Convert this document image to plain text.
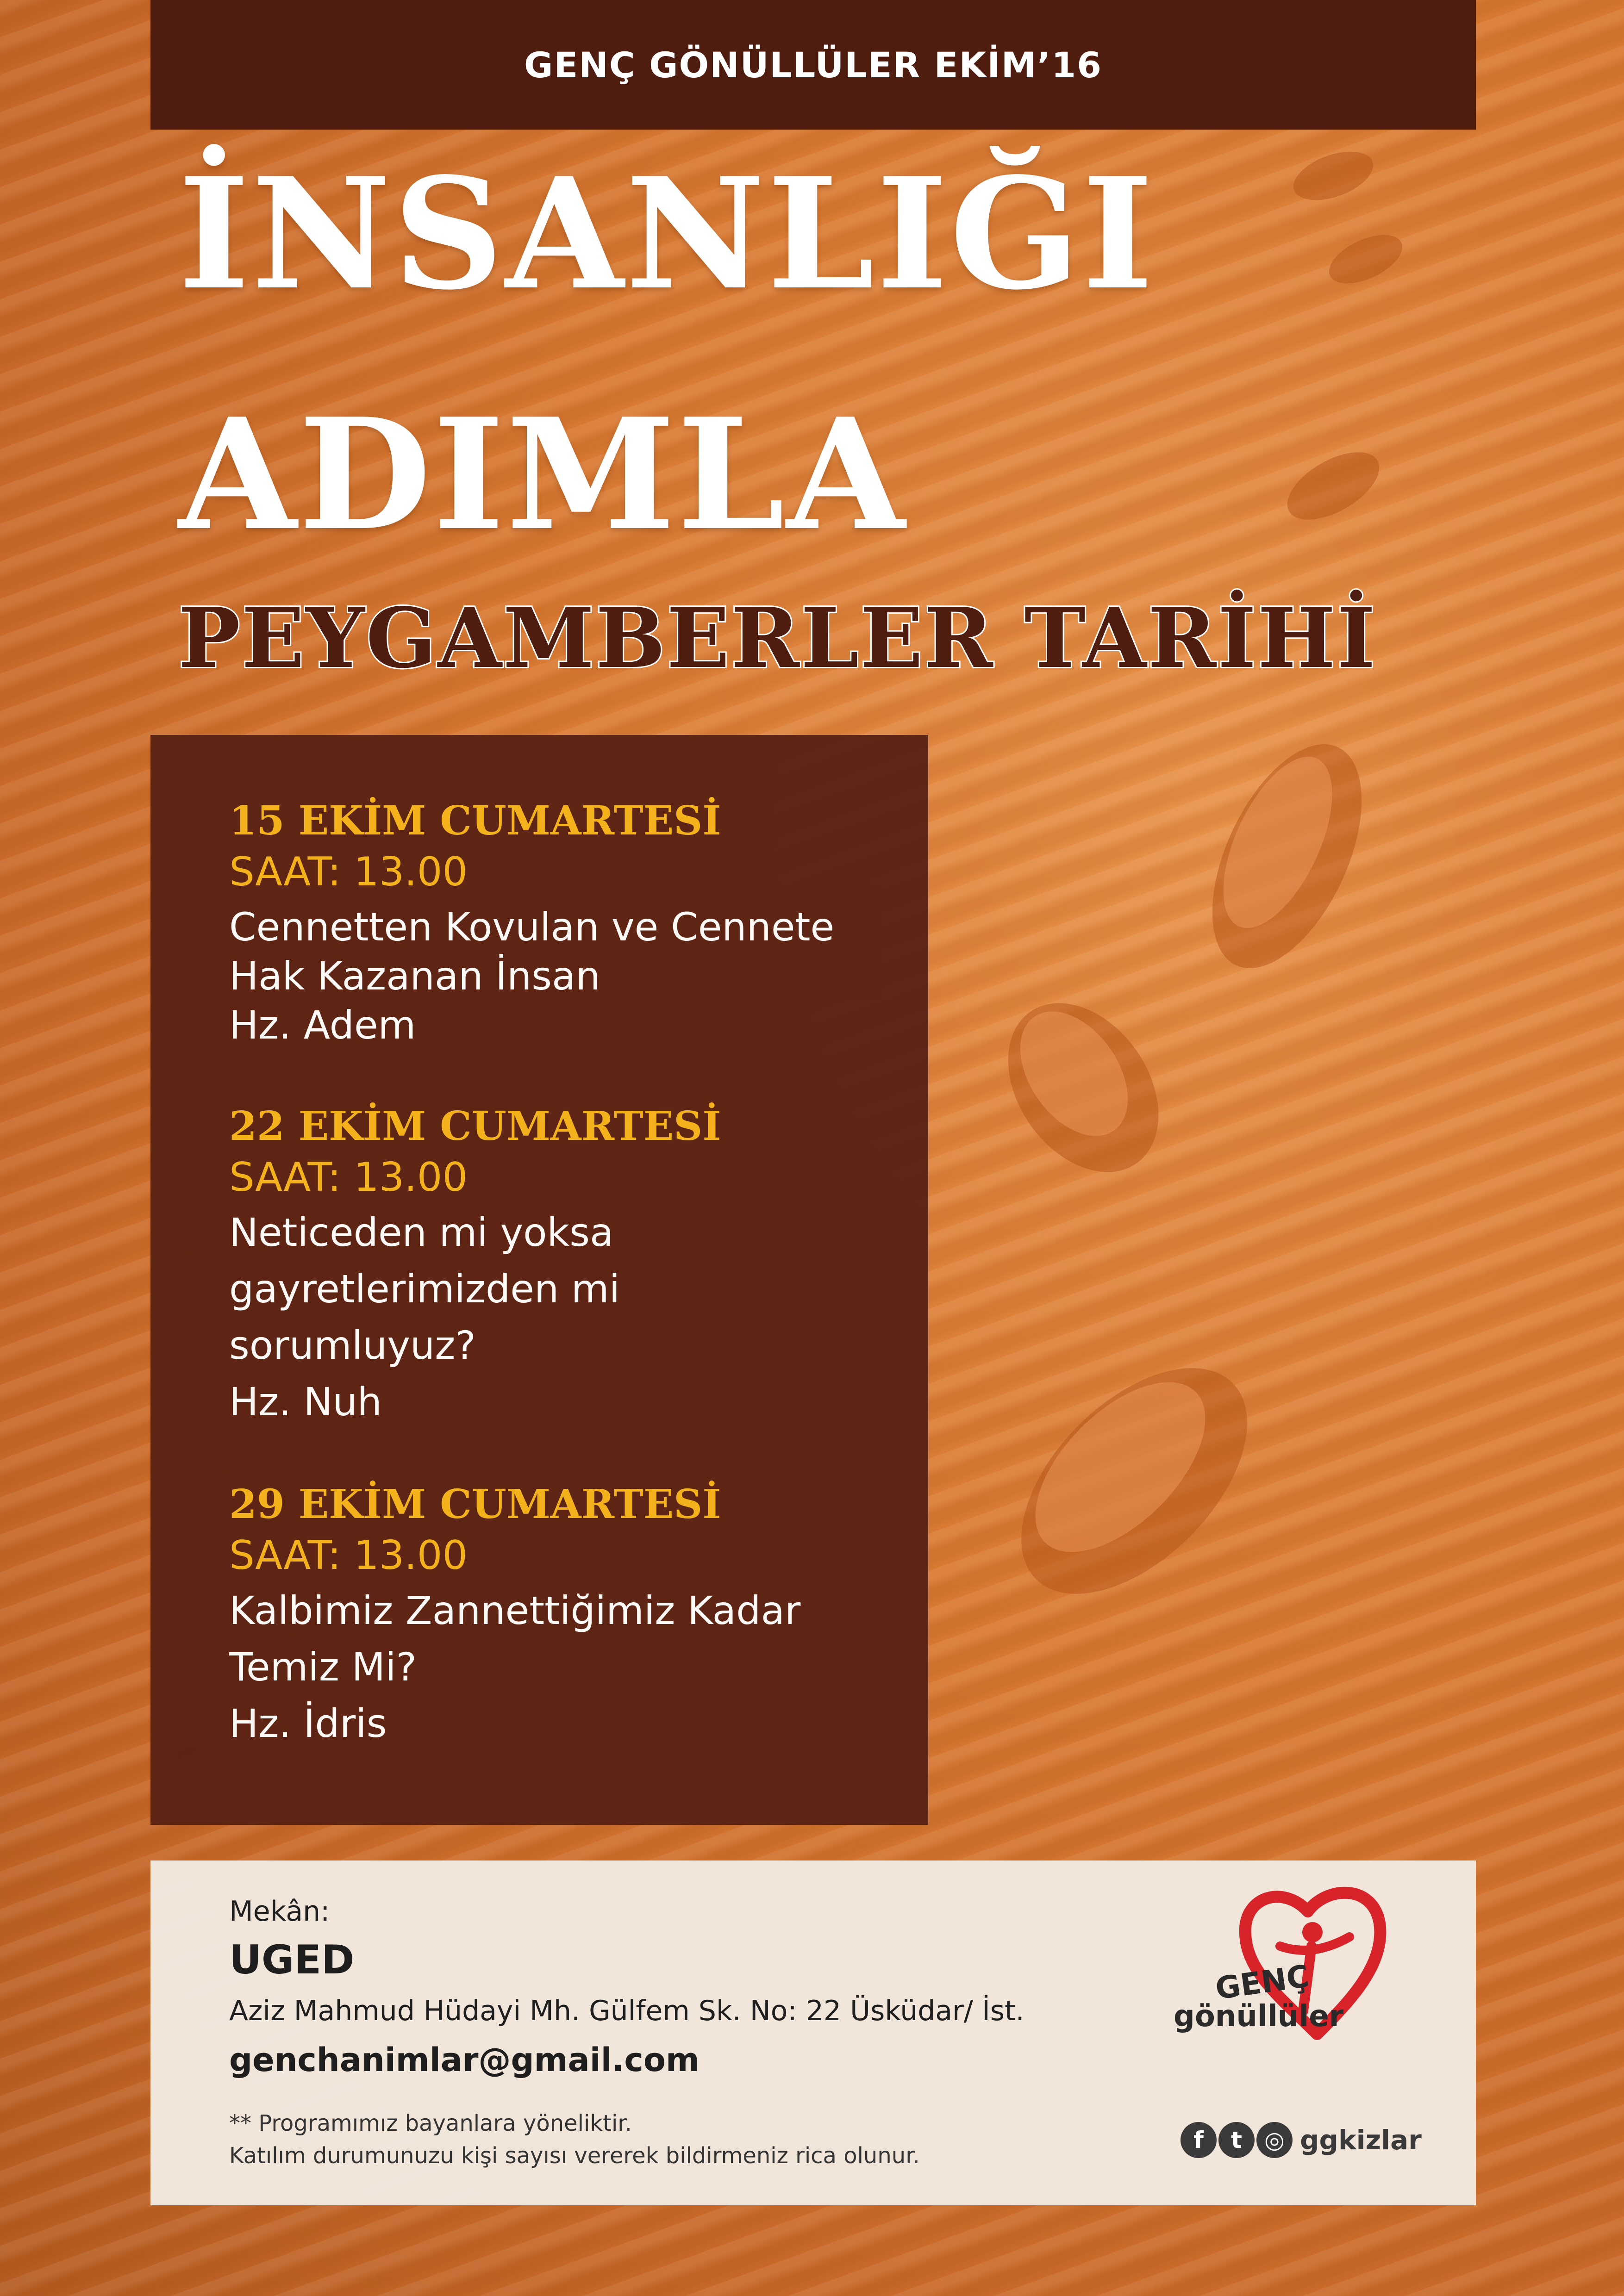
GENÇ GÖNÜLLÜLER EKİM’16
İNSANLIĞI
ADIMLA
PEYGAMBERLER TARİHİ
15 EKİM CUMARTESİ
SAAT: 13.00
Cennetten Kovulan ve Cennete
Hak Kazanan İnsan
Hz. Adem
22 EKİM CUMARTESİ
SAAT: 13.00
Neticeden mi yoksa
gayretlerimizden mi
sorumluyuz?
Hz. Nuh
29 EKİM CUMARTESİ
SAAT: 13.00
Kalbimiz Zannettiğimiz Kadar
Temiz Mi?
Hz. İdris
Mekân:
UGED
Aziz Mahmud Hüdayi Mh. Gülfem Sk. No: 22 Üsküdar/ İst.
genchanimlar@gmail.com
** Programımız bayanlara yöneliktir.
Katılım durumunuzu kişi sayısı vererek bildirmeniz rica olunur.
GENÇ
gönüllüler
f	t ◎ ggkizlar
